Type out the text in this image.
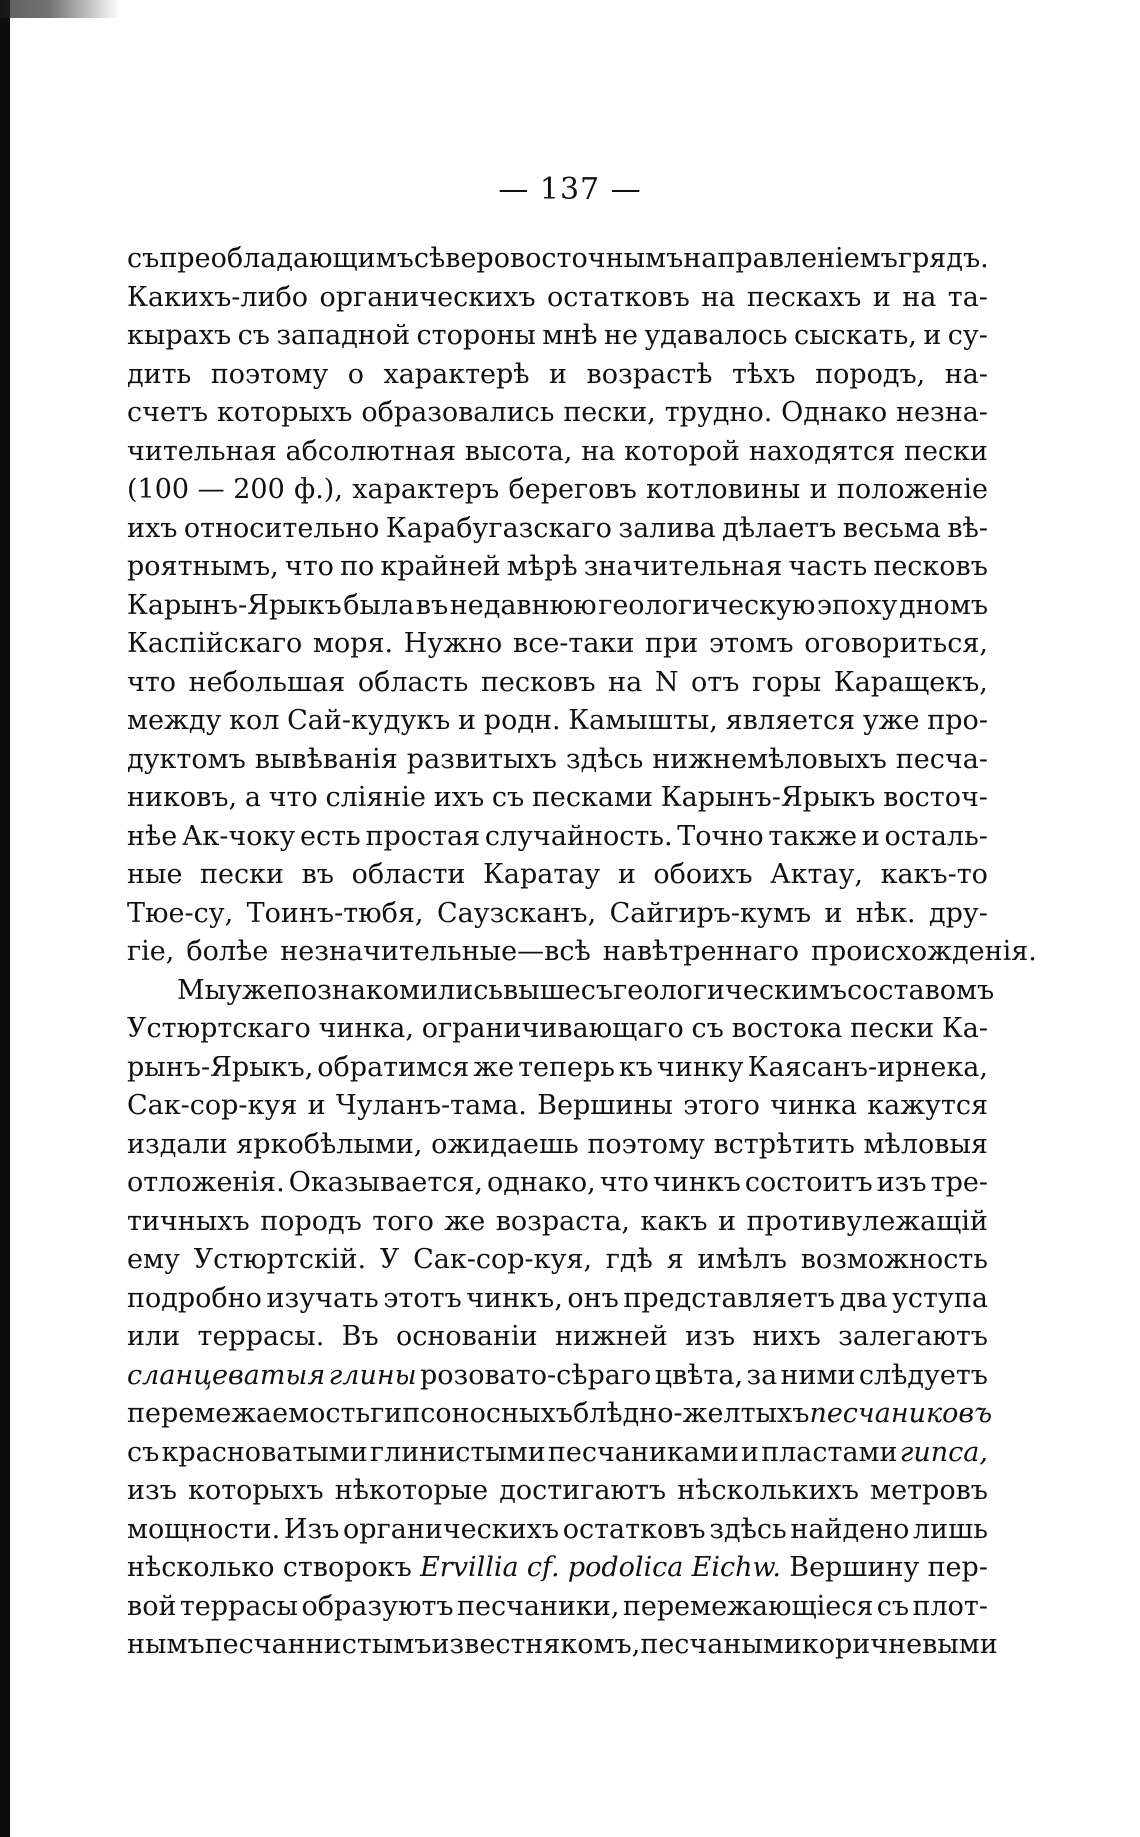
— 137 —
съ преобладающимъ сѣверовосточнымъ направленіемъ грядъ.
Какихъ-либо органическихъ остатковъ на пескахъ и на та-
кырахъ съ западной стороны мнѣ не удавалось сыскать, и су-
дить поэтому о характерѣ и возрастѣ тѣхъ породъ, на-
счетъ которыхъ образовались пески, трудно. Однако незна-
чительная абсолютная высота, на которой находятся пески
(100 — 200 ф.), характеръ береговъ котловины и положеніе
ихъ относительно Карабугазскаго залива дѣлаетъ весьма вѣ-
роятнымъ, что по крайней мѣрѣ значительная часть песковъ
Карынъ-Ярыкъ была въ недавнюю геологическую эпоху дномъ
Каспійскаго моря. Нужно все-таки при этомъ оговориться,
что небольшая область песковъ на N отъ горы Каращекъ,
между кол Сай-кудукъ и родн. Камышты, является уже про-
дуктомъ вывѣванія развитыхъ здѣсь нижнемѣловыхъ песча-
никовъ, а что сліяніе ихъ съ песками Карынъ-Ярыкъ восточ-
нѣе Ак-чоку есть простая случайность. Точно также и осталь-
ные пески въ области Каратау и обоихъ Актау, какъ-то
Тюе-су, Тоинъ-тюбя, Саузсканъ, Сайгиръ-кумъ и нѣк. дру-
гіе, болѣе незначительные—всѣ навѣтреннаго происхожденія.
Мы уже познакомились выше съ геологическимъ составомъ
Устюртскаго чинка, ограничивающаго съ востока пески Ка-
рынъ-Ярыкъ, обратимся же теперь къ чинку Каясанъ-ирнека,
Сак-сор-куя и Чуланъ-тама. Вершины этого чинка кажутся
издали яркобѣлыми, ожидаешь поэтому встрѣтить мѣловыя
отложенія. Оказывается, однако, что чинкъ состоитъ изъ тре-
тичныхъ породъ того же возраста, какъ и противулежащій
ему Устюртскій. У Сак-сор-куя, гдѣ я имѣлъ возможность
подробно изучать этотъ чинкъ, онъ представляетъ два уступа
или террасы. Въ основаніи нижней изъ нихъ залегаютъ
сланцеватыя глины розовато-сѣраго цвѣта, за ними слѣдуетъ
перемежаемость гипсоносныхъ блѣдно-желтыхъ песчаниковъ
съ красноватыми глинистыми песчаниками и пластами гипса,
изъ которыхъ нѣкоторые достигаютъ нѣсколькихъ метровъ
мощности. Изъ органическихъ остатковъ здѣсь найдено лишь
нѣсколько створокъ Ervillia cf. podolica Eichw. Вершину пер-
вой террасы образуютъ песчаники, перемежающіеся съ плот-
нымъ песчаннистымъ известнякомъ, песчаными коричневыми
